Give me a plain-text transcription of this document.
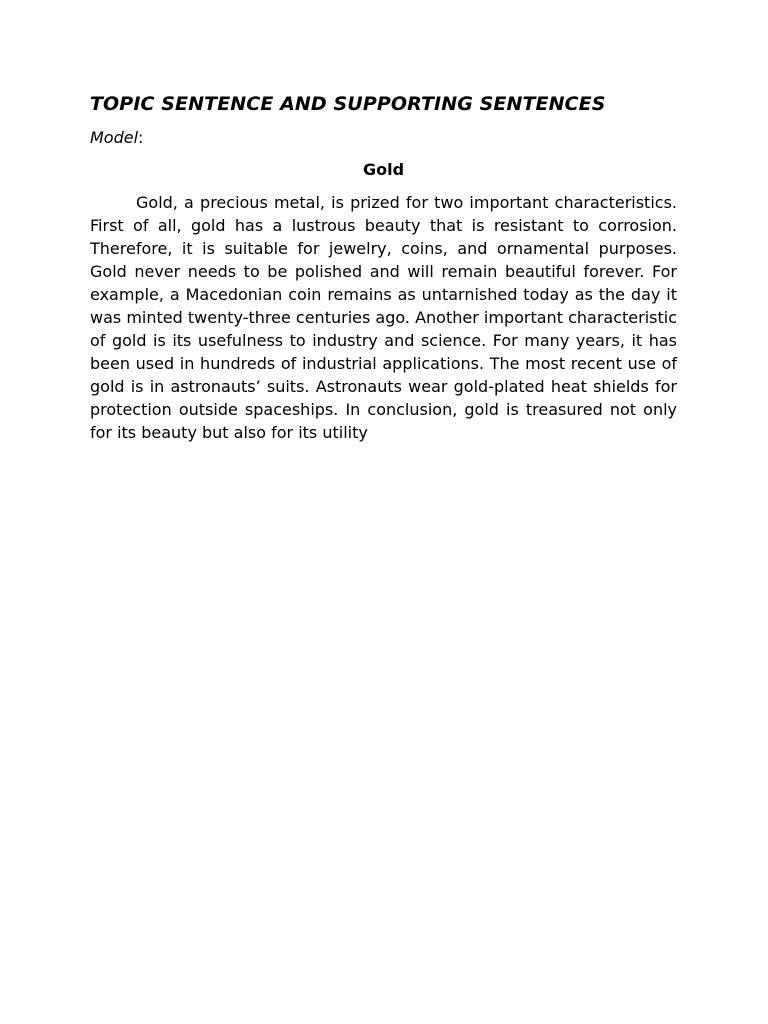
TOPIC SENTENCE AND SUPPORTING SENTENCES

Model:

Gold

Gold, a precious metal, is prized for two important characteristics. First of all, gold has a lustrous beauty that is resistant to corrosion. Therefore, it is suitable for jewelry, coins, and ornamental purposes. Gold never needs to be polished and will remain beautiful forever. For example, a Macedonian coin remains as untarnished today as the day it was minted twenty-three centuries ago. Another important characteristic of gold is its usefulness to industry and science. For many years, it has been used in hundreds of industrial applications. The most recent use of gold is in astronauts’ suits. Astronauts wear gold-plated heat shields for protection outside spaceships. In conclusion, gold is treasured not only for its beauty but also for its utility
